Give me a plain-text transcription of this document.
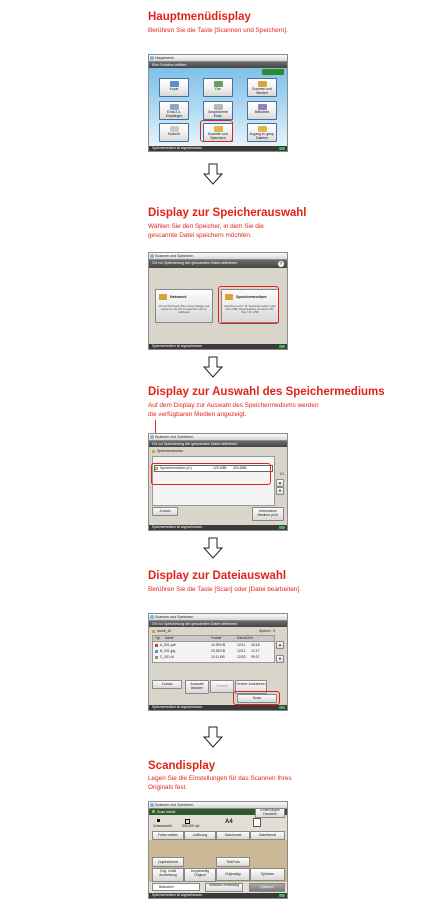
Hauptmenüdisplay
Berühren Sie die Taste [Scannen und Speichern].
Hauptmenü
Eine Funktion wählen.
Kopie	Fax	Scannen und Senden
Einst./Lö. Empfänger
Gespeicherte Einst.
Bibliothek
Scanner	Scannen und Speichern
Zugang zu gesp. Dateien
Speichermedium ist angeschlossen.
Display zur Speicherauswahl
Wählen Sie den Speicher, in dem Sie die
gescannte Datei speichern möchten.
Scannen und Speichern
Ort zur Speicherung der gescannten Daten definieren.	?
Netzwerk
Ort auf Netzwerk (Dies Freie Ablage) auf Systems, die PC zu speichern auf zu aufbieten
Speichermedium
Speichern auf z. B. Speichermedium oder eine USB, Speicherkarte mit einem PC. Sie z. B. USB
Speichermedium ist angeschlossen.
Display zur Auswahl des Speichermediums
Auf dem Display zur Auswahl des Speichermediums werden
die verfügbaren Medien angezeigt.
Scannen und Speichern
Ort zur Speicherung der gescannten Daten definieren.
Speicherstruktur
Speichermedium (A:)	129.2MB 324.6MB
1/1
▲
▼
Zurück	Information Medium prüf.
Speichermedium ist angeschlossen.
Display zur Dateiauswahl
Berühren Sie die Taste [Scan] oder [Datei bearbeiten].
Scannen und Speichern
Ort zur Speicherung der gescannten Daten definieren.
/work_A/	Speich.: 0
Typ Name	Format	Datum/Zeit
A_001.pdf	44.99 KB	12/11 15:18
B_001.jpg	23.98 KB	12/11 12:17
C_001.tif	10.11 KB	12/03 09:37
▲
▼
Zurück	Auswahl löschen	Details	Ordner-funktionen
Scan
Speichermedium ist angeschlossen.
Scandisplay
Legen Sie die Einstellungen für das Scannen Ihres
Originals fest.
Scannen und Speichern
Scan bereit.	Einstellungen Favoriten
Schwarzweiß	300x300 dpi
A4
Farbe wählen	Auflösung	Scanformat	Dateiformat
Duplexformat	Text/Foto
Orig. Inhalt Ausrichtung
Doppelseitig Original	Originaltyp	Optionen
Bäänchen	Standard-einstellung	Optionen
Speichermedium ist angeschlossen.
